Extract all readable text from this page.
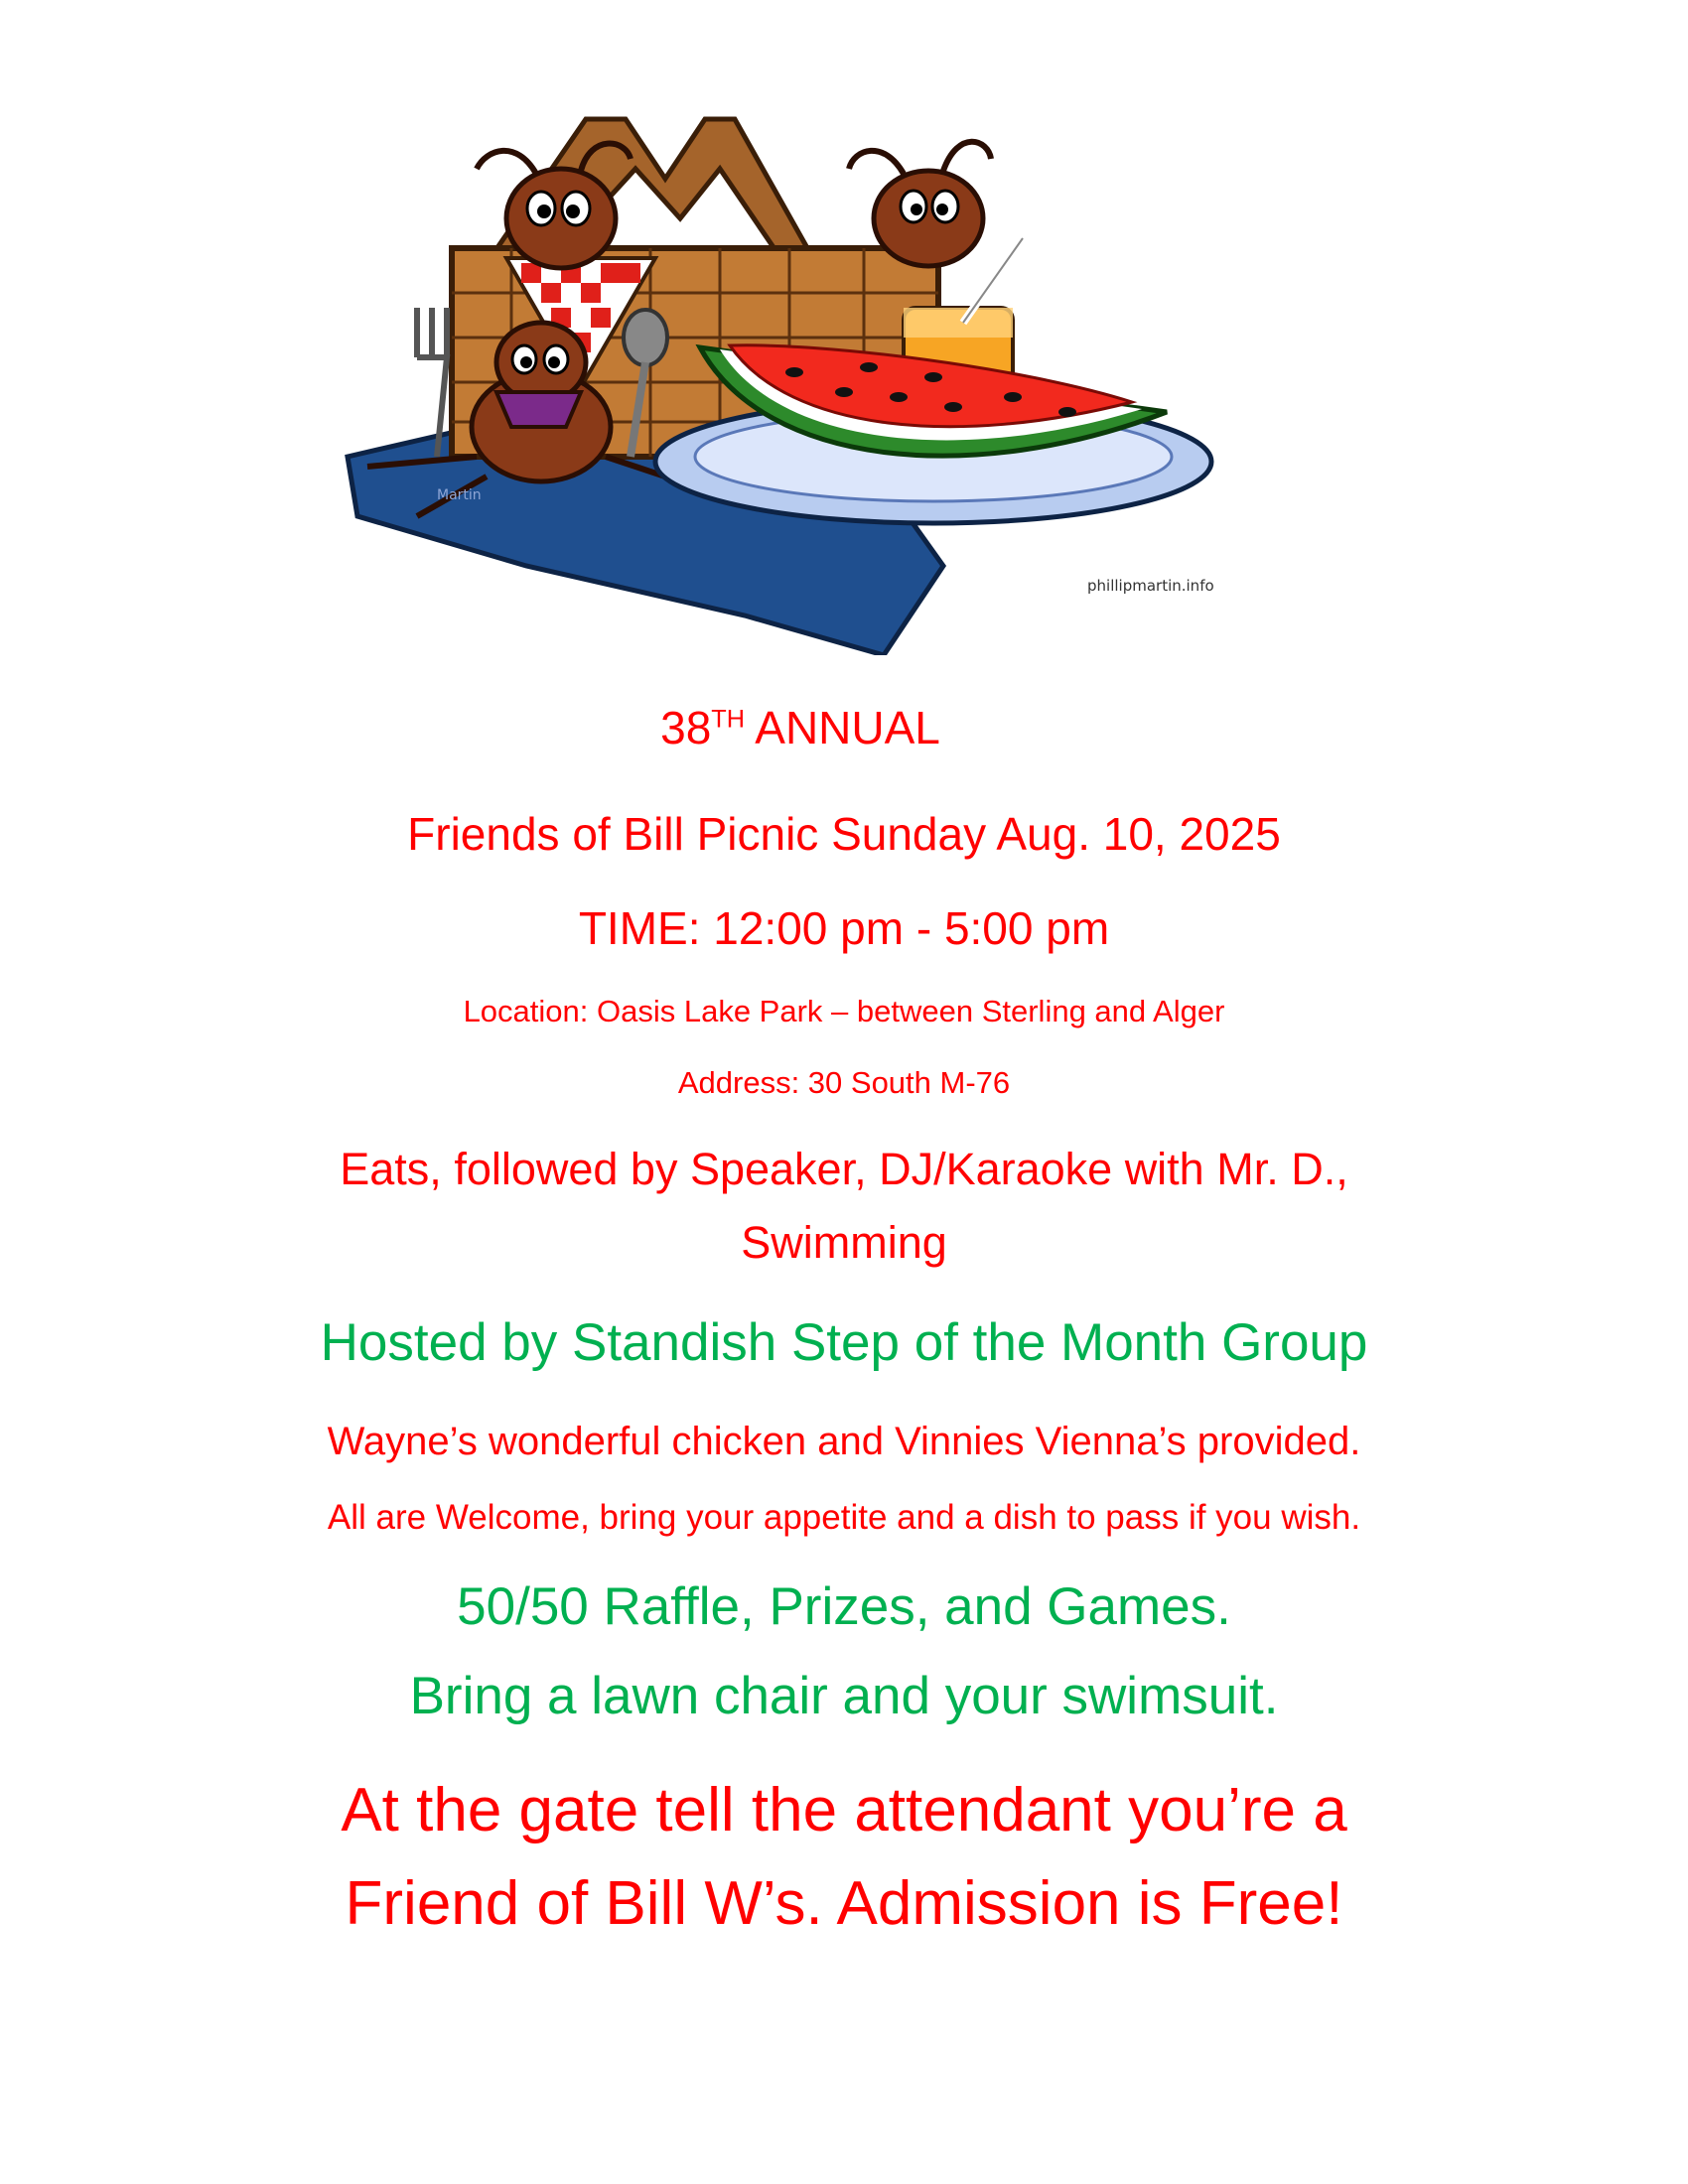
Martin
phillipmartin.info
38TH ANNUAL
Friends of Bill Picnic Sunday Aug. 10, 2025
TIME: 12:00 pm - 5:00 pm
Location: Oasis Lake Park – between Sterling and Alger
Address: 30 South M-76
Eats, followed by Speaker, DJ/Karaoke with Mr. D.,
Swimming
Hosted by Standish Step of the Month Group
Wayne’s wonderful chicken and Vinnies Vienna’s provided.
All are Welcome, bring your appetite and a dish to pass if you wish.
50/50 Raffle, Prizes, and Games.
Bring a lawn chair and your swimsuit.
At the gate tell the attendant you’re a
Friend of Bill W’s. Admission is Free!
